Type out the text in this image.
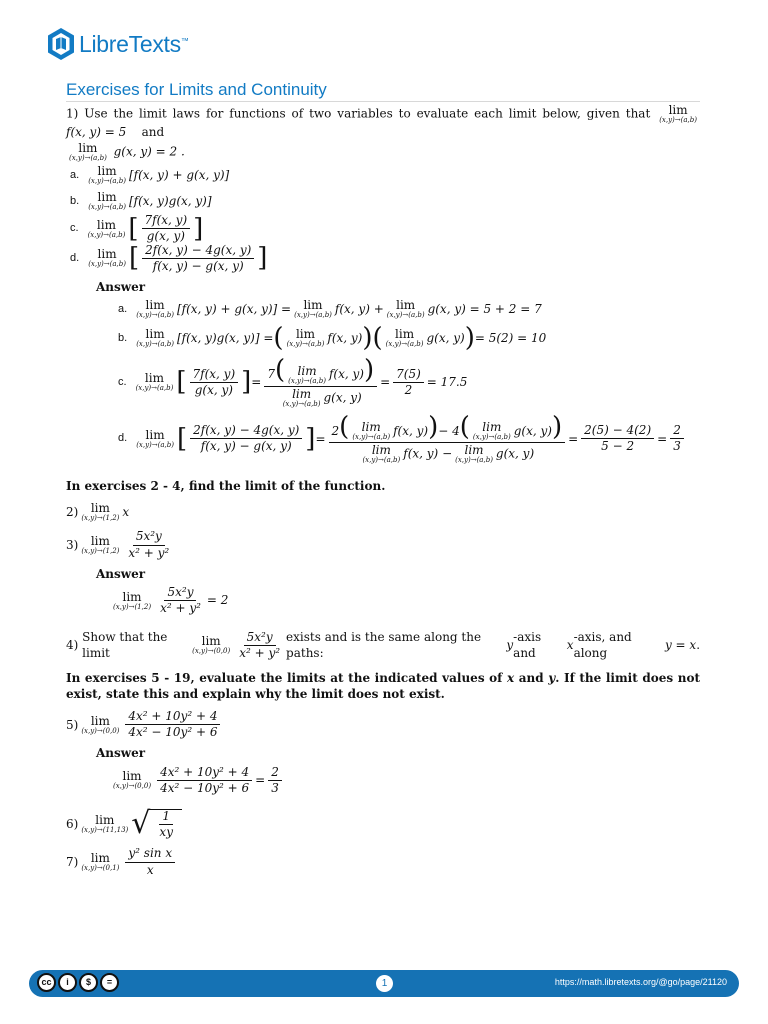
LibreTexts™
Exercises for Limits and Continuity

1) Use the limit laws for functions of two variables to evaluate each limit below, given that lim
(x,y)→(a,b)
f(x, y) = 5 and

lim
(x,y)→(a,b) g(x, y) = 2 .

a. lim
(x,y)→(a,b) [f(x, y) + g(x, y)]
b. lim
(x,y)→(a,b) [f(x, y)g(x, y)]
c. lim
(x,y)→(a,b) [ $\frac{7f(x, y)}{g(x, y)}$ ]
d. lim
(x,y)→(a,b) [ $\frac{2f(x, y) - 4g(x, y)}{f(x, y) - g(x, y)}$ ]
Answer
a. lim
(x,y)→(a,b) [f(x, y) + g(x, y)] = lim
(x,y)→(a,b) f(x, y) + lim
(x,y)→(a,b) g(x, y) = 5 + 2 = 7
b. lim
(x,y)→(a,b) [f(x, y)g(x, y)] = ( lim
(x,y)→(a,b) f(x, y) ) ( lim
(x,y)→(a,b) g(x, y) ) = 5(2) = 10
c. lim
(x,y)→(a,b) [ $\frac{7f(x, y)}{g(x, y)}$ ] = 7( lim
(x,y)→(a,b) f(x, y))
lim
(x,y)→(a,b) g(x, $y) = \frac{7(5)}{2} = 17.5$
d. lim
(x,y)→(a,b) [ $\frac{2f(x, y) - 4g(x, y)}{f(x, y) - g(x, y)}$ ] = 2( lim
(x,y)→(a,b) f(x, y))− 4( lim
(x,y)→(a,b) g(x, y))
lim
(x,y)→(a,b) f(x, y) − lim
(x,y)→(a,b) g(x, $y) = \frac{2(5) - 4(2)}{5 - 2} = \frac{2}{3}$

In exercises 2 - 4, find the limit of the function.

2) lim
(x,y)→(1,2) x
3) lim
$(x,y)\to(1,2) \frac{\text{5x²y}}{\text{x² + y²}}$
Answer
lim
$(x,y)\to(1,2) \frac{\text{5x²y}}{\text{x² + y²}} = 2$
4)

Show that the limit
lim
$(x,y)\to(0,0) \frac{\text{5x²y}}{\text{x² + y²}}$ exists and is the same along the paths:

y
-axis and

x
-axis, and along

y = x .

In exercises 5 - 19, evaluate the limits at the indicated values of x and y. If the limit does not exist, state this and explain why the limit does not exist.

5) lim
$(x,y)\to(0,0) \frac{\text{4x² + 10y² + 4}}{\text{4x² − 10y² + 6}}$
Answer
lim
$(x,y)\to(0,0) \frac{\text{4x² + 10y² + 4}}{\text{4x² − 10y² + 6}} = \frac{2}{3}$
6) lim
(x,y)→(11,13) √ $\frac{1}{xy}$
7) lim
$(x,y)\to(0,1) \frac{\text{y² sin x}}{x}$
cc	i	$	=	1	https://math.libretexts.org/@go/page/21120
